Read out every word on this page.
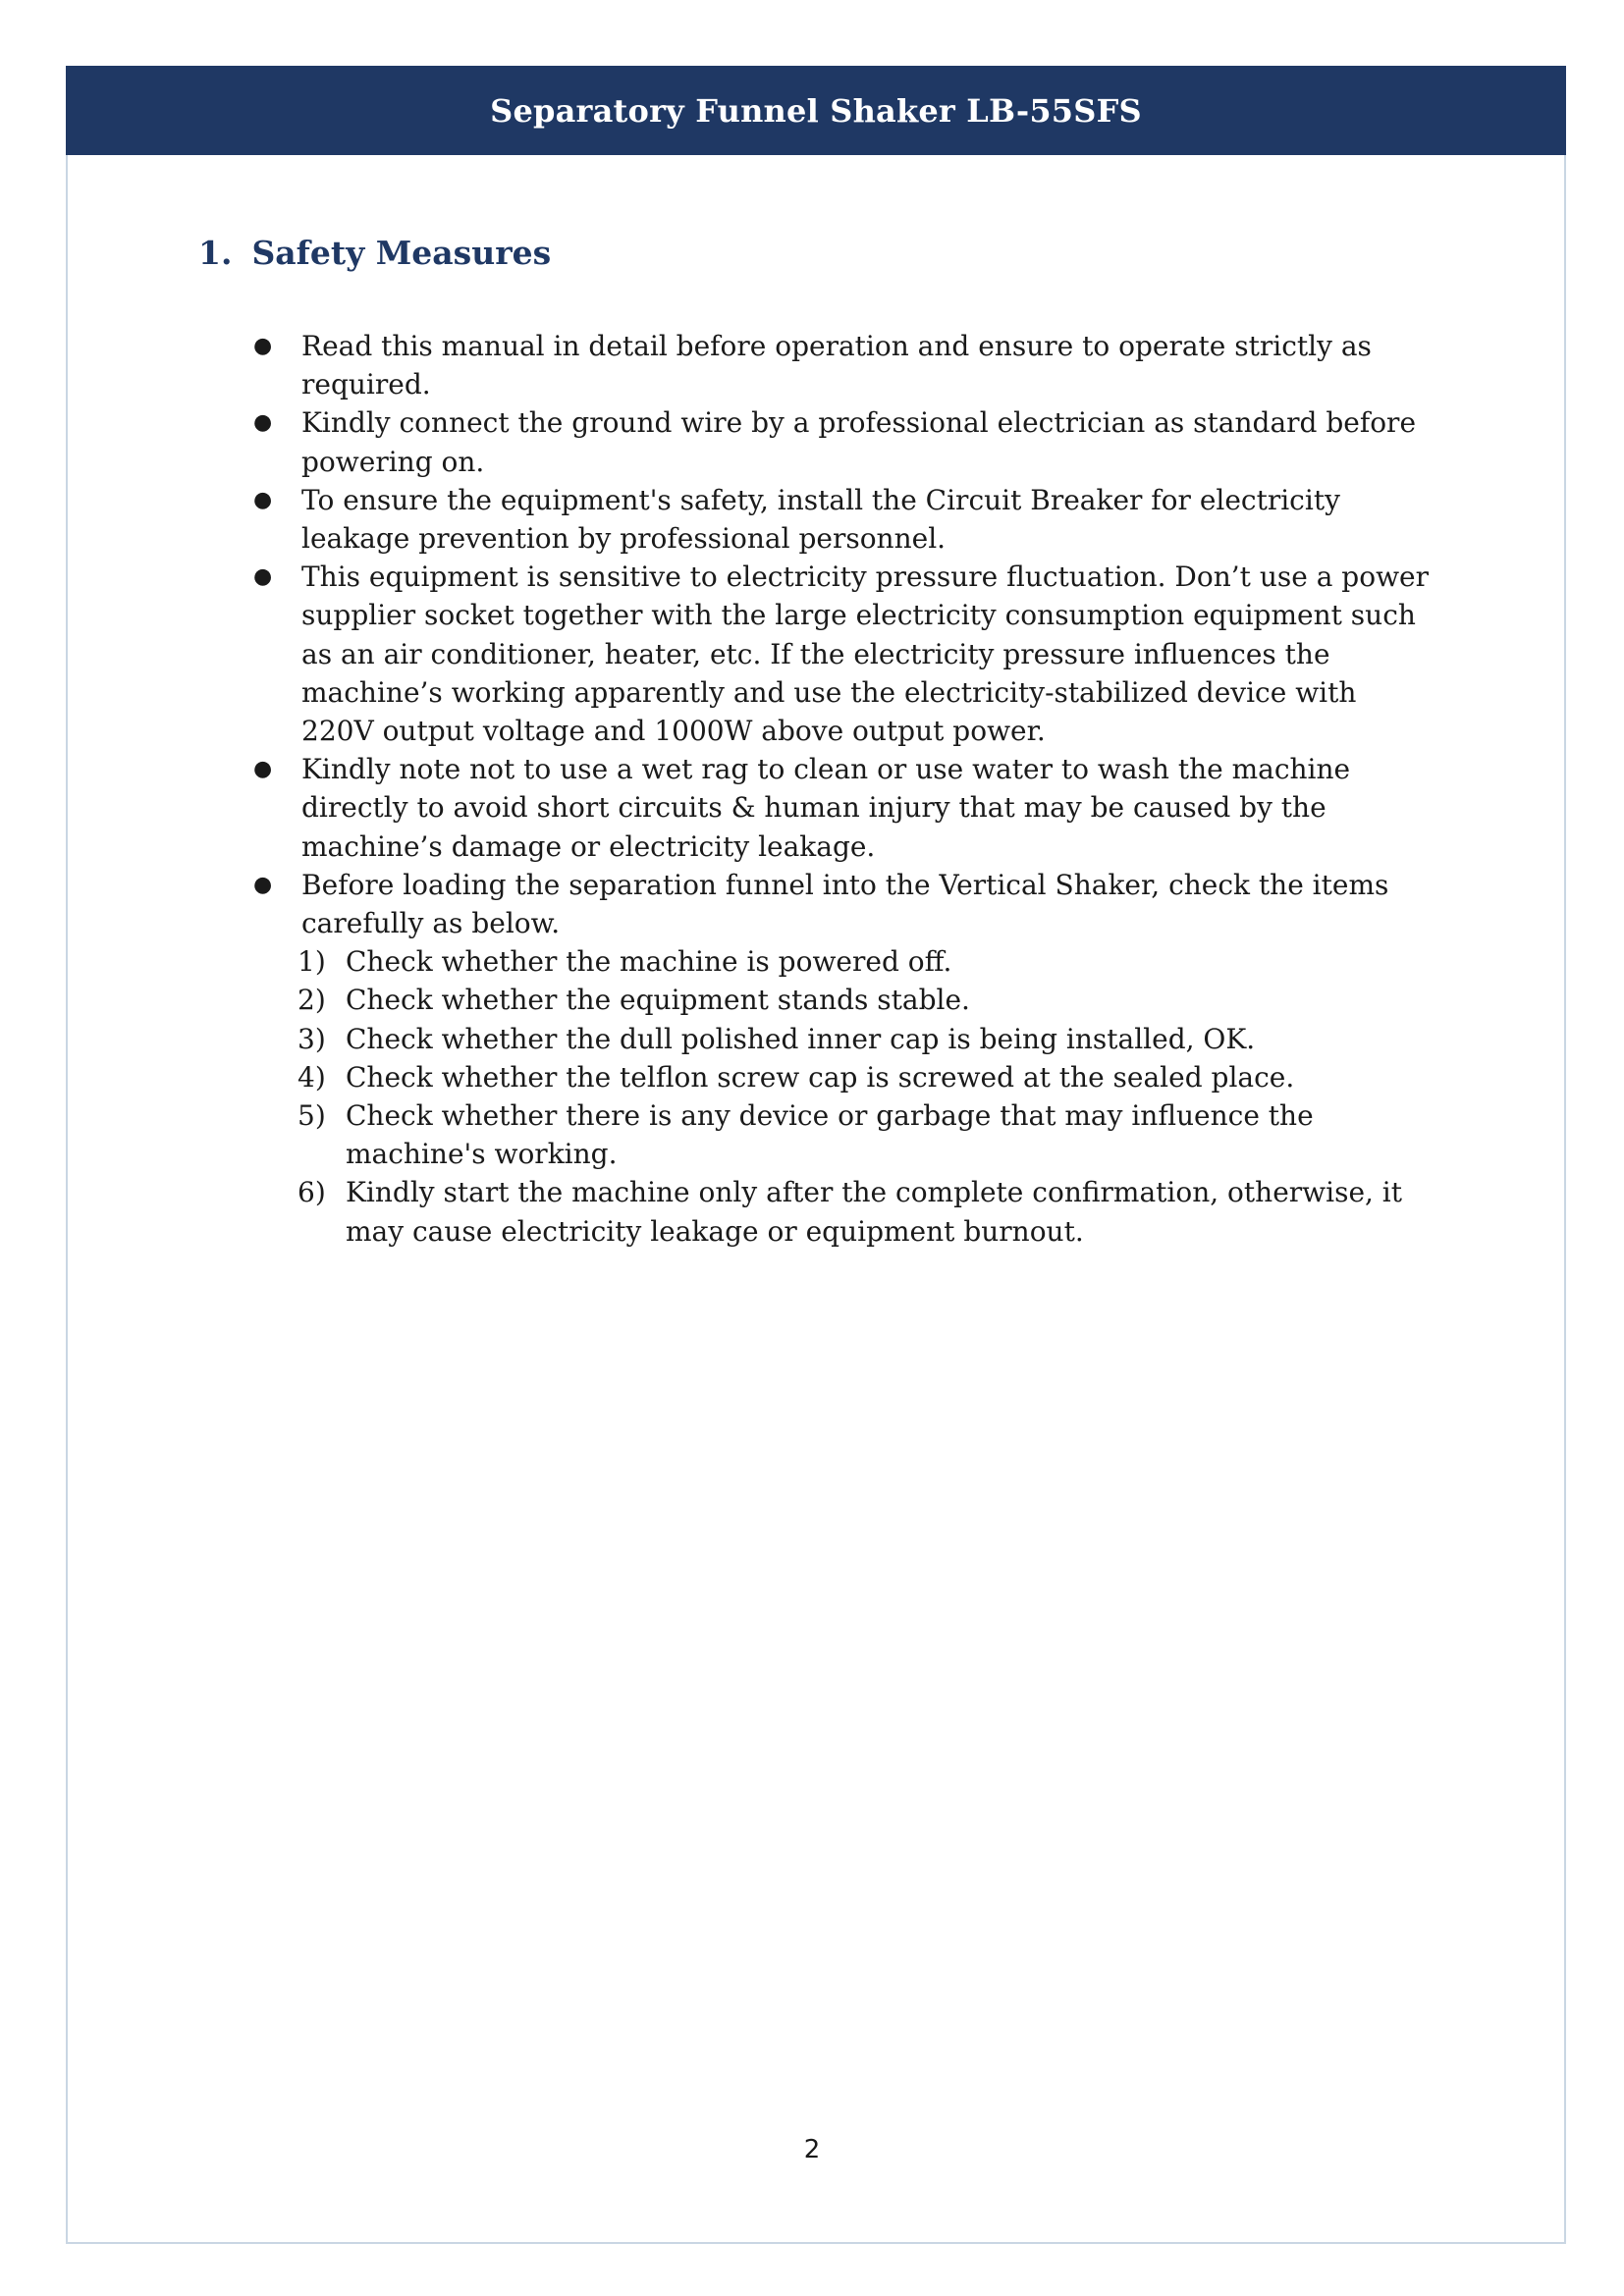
Separatory Funnel Shaker LB-55SFS
1. Safety Measures
● Read this manual in detail before operation and ensure to operate strictly as required.
● Kindly connect the ground wire by a professional electrician as standard before powering on.
● To ensure the equipment's safety, install the Circuit Breaker for electricity leakage prevention by professional personnel.
● This equipment is sensitive to electricity pressure fluctuation. Don’t use a power supplier socket together with the large electricity consumption equipment such as an air conditioner, heater, etc. If the electricity pressure influences the machine’s working apparently and use the electricity-stabilized device with 220V output voltage and 1000W above output power.
● Kindly note not to use a wet rag to clean or use water to wash the machine directly to avoid short circuits & human injury that may be caused by the machine’s damage or electricity leakage.
● Before loading the separation funnel into the Vertical Shaker, check the items carefully as below.
1) Check whether the machine is powered off.
2) Check whether the equipment stands stable.
3) Check whether the dull polished inner cap is being installed, OK.
4) Check whether the telflon screw cap is screwed at the sealed place.
5) Check whether there is any device or garbage that may influence the machine's working.
6) Kindly start the machine only after the complete confirmation, otherwise, it may cause electricity leakage or equipment burnout.
2
